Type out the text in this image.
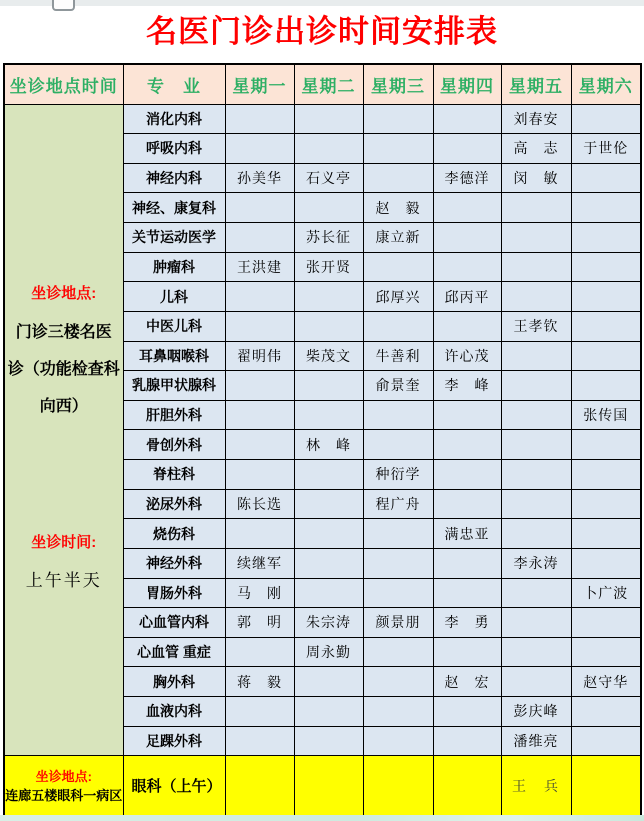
名医门诊出诊时间安排表
坐诊地点时间	专　业	星期一	星期二	星期三	星期四	星期五	星期六

坐诊地点:
门诊三楼名医
诊（功能检查科
向西）
坐诊时间:
上午半天
	消化内科					刘春安	
	呼吸内科					高　志	于世伦
	神经内科	孙美华	石义亭		李德洋	闵　敏	
	神经、康复科			赵　毅			
	关节运动医学		苏长征	康立新			
	肿瘤科	王洪建	张开贤				
	儿科			邱厚兴	邱丙平		
	中医儿科					王孝钦	
	耳鼻咽喉科	翟明伟	柴茂文	牛善利	许心茂		
	乳腺甲状腺科			俞景奎	李　峰		
	肝胆外科						张传国
	骨创外科		林　峰				
	脊柱科			种衍学			
	泌尿外科	陈长选		程广舟			
	烧伤科				满忠亚		
	神经外科	续继军				李永涛	
	胃肠外科	马　刚					卜广波
	心血管内科	郭　明	朱宗涛	颜景朋	李　勇		
	心血管 重症		周永勤				
	胸外科	蒋　毅			赵　宏		赵守华
	血液内科					彭庆峰	
	足踝外科					潘维亮	

坐诊地点:
连廊五楼眼科一病区	眼科（上午）					王　兵	
